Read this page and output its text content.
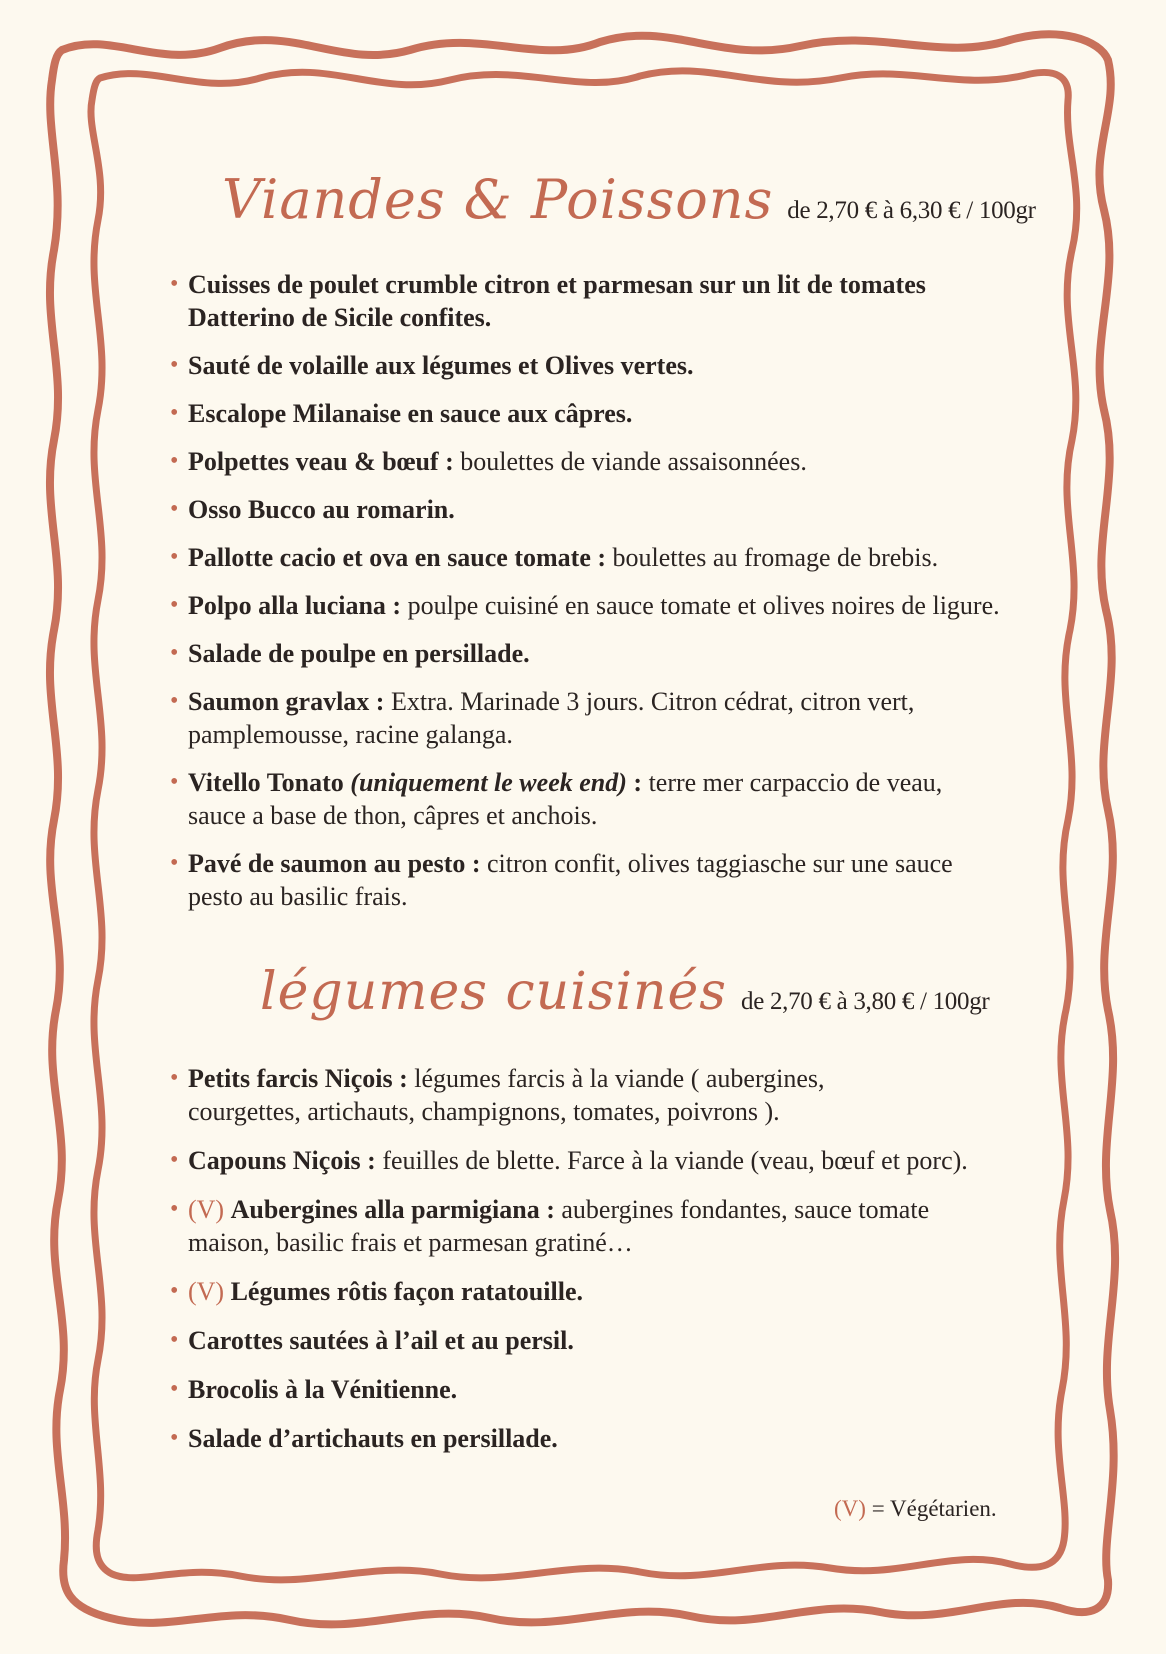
Viandes & Poissons de 2,70 € à 6,30 € / 100gr
• Cuisses de poulet crumble citron et parmesan sur un lit de tomates
Datterino de Sicile confites.
• Sauté de volaille aux légumes et Olives vertes.
• Escalope Milanaise en sauce aux câpres.
• Polpettes veau & bœuf : boulettes de viande assaisonnées.
• Osso Bucco au romarin.
• Pallotte cacio et ova en sauce tomate : boulettes au fromage de brebis.
• Polpo alla luciana : poulpe cuisiné en sauce tomate et olives noires de ligure.
• Salade de poulpe en persillade.
• Saumon gravlax : Extra. Marinade 3 jours. Citron cédrat, citron vert,
pamplemousse, racine galanga.
• Vitello Tonato (uniquement le week end) : terre mer carpaccio de veau,
sauce a base de thon, câpres et anchois.
• Pavé de saumon au pesto : citron confit, olives taggiasche sur une sauce
pesto au basilic frais.
légumes cuisinés de 2,70 € à 3,80 € / 100gr
• Petits farcis Niçois : légumes farcis à la viande ( aubergines,
courgettes, artichauts, champignons, tomates, poivrons ).
• Capouns Niçois : feuilles de blette. Farce à la viande (veau, bœuf et porc).
• (V) Aubergines alla parmigiana : aubergines fondantes, sauce tomate
maison, basilic frais et parmesan gratiné…
• (V) Légumes rôtis façon ratatouille.
• Carottes sautées à l’ail et au persil.
• Brocolis à la Vénitienne.
• Salade d’artichauts en persillade.
(V) = Végétarien.
